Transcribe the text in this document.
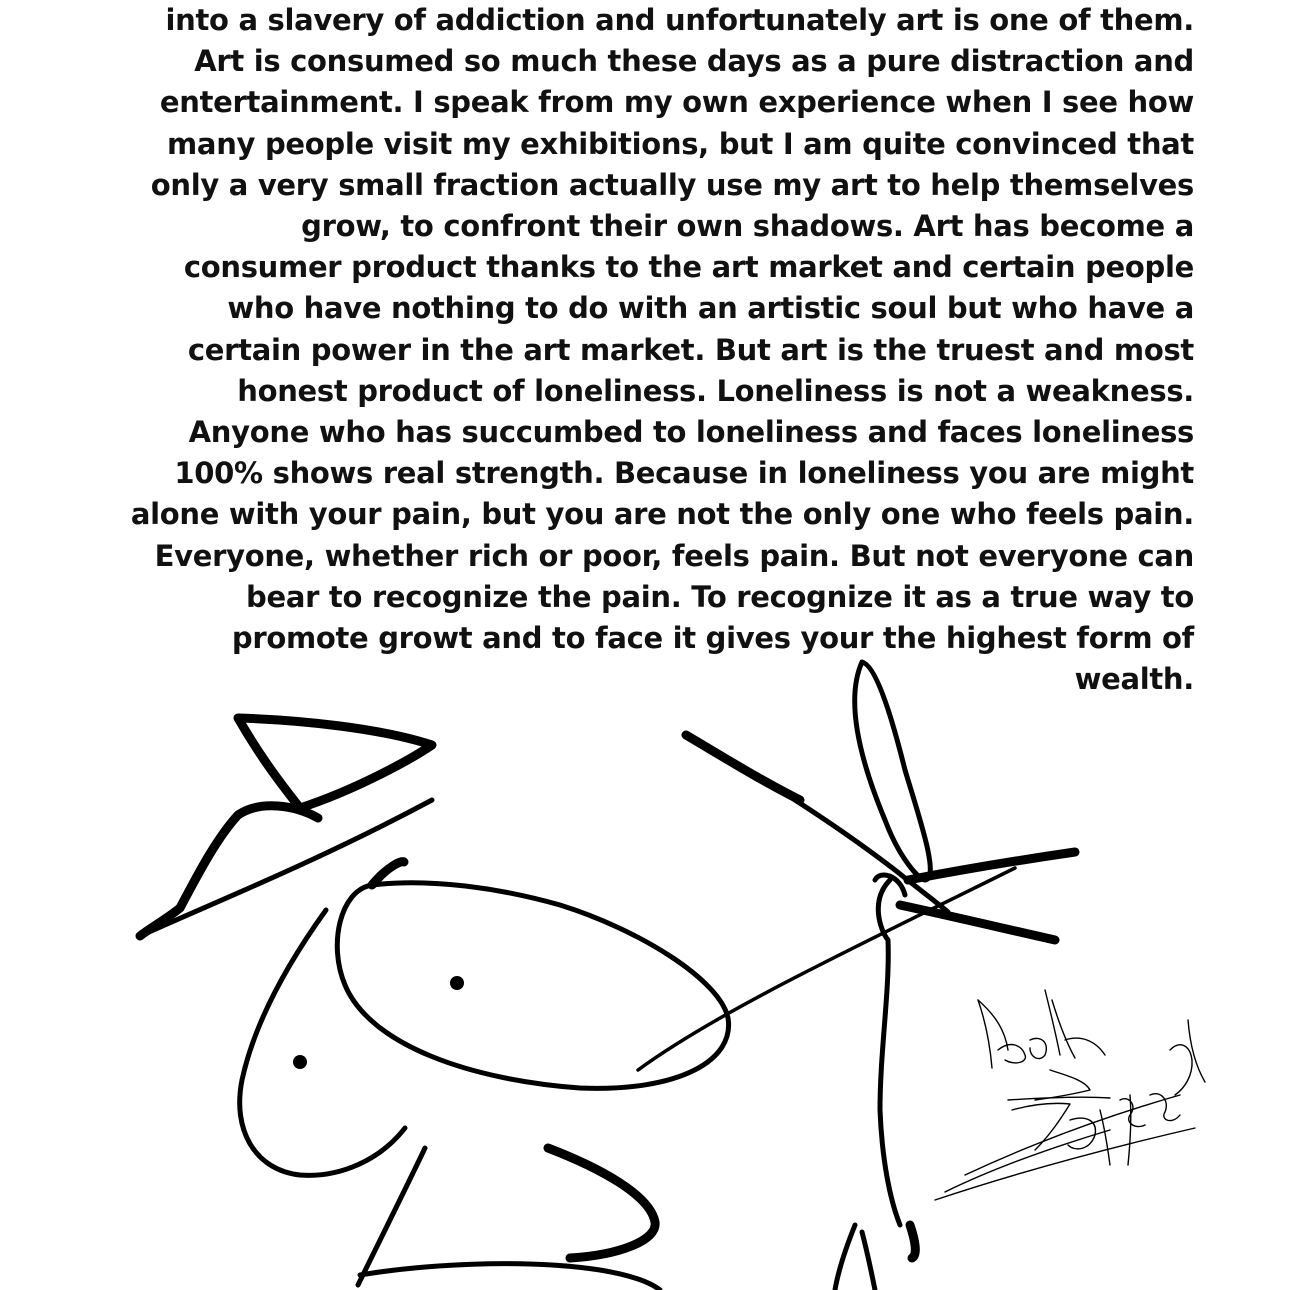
into a slavery of addiction and unfortunately art is one of them.
Art is consumed so much these days as a pure distraction and
entertainment. I speak from my own experience when I see how
many people visit my exhibitions, but I am quite convinced that
only a very small fraction actually use my art to help themselves
grow, to confront their own shadows. Art has become a
consumer product thanks to the art market and certain people
who have nothing to do with an artistic soul but who have a
certain power in the art market. But art is the truest and most
honest product of loneliness. Loneliness is not a weakness.
Anyone who has succumbed to loneliness and faces loneliness
100% shows real strength. Because in loneliness you are might
alone with your pain, but you are not the only one who feels pain.
Everyone, whether rich or poor, feels pain. But not everyone can
bear to recognize the pain. To recognize it as a true way to
promote growt and to face it gives your the highest form of
wealth.
